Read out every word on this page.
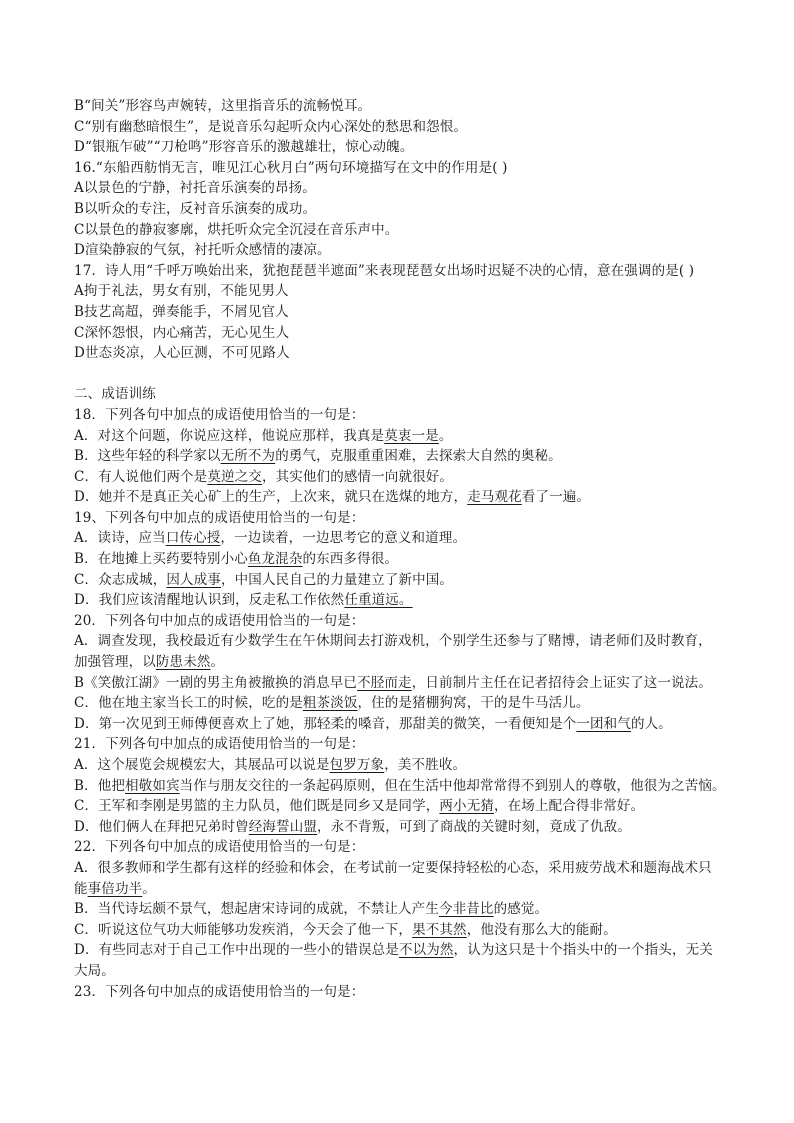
B“间关”形容鸟声婉转，这里指音乐的流畅悦耳。
C“别有幽愁暗恨生”，是说音乐勾起听众内心深处的愁思和怨恨。
D“银瓶乍破”“刀枪鸣”形容音乐的激越雄壮，惊心动魄。
16.“东船西舫悄无言，唯见江心秋月白”两句环境描写在文中的作用是( )
A以景色的宁静，衬托音乐演奏的昂扬。
B以听众的专注，反衬音乐演奏的成功。
C以景色的静寂寥廓，烘托听众完全沉浸在音乐声中。
D渲染静寂的气氛，衬托听众感情的凄凉。
17．诗人用“千呼万唤始出来，犹抱琵琶半遮面”来表现琵琶女出场时迟疑不决的心情，意在强调的是( )
A拘于礼法，男女有别，不能见男人
B技艺高超，弹奏能手，不屑见官人
C深怀怨恨，内心痛苦，无心见生人
D世态炎凉，人心叵测，不可见路人
二、成语训练
18．下列各句中加点的成语使用恰当的一句是：
A．对这个问题，你说应这样，他说应那样，我真是莫衷一是。
B．这些年轻的科学家以无所不为的勇气，克服重重困难，去探索大自然的奥秘。
C．有人说他们两个是莫逆之交，其实他们的感情一向就很好。
D．她并不是真正关心矿上的生产，上次来，就只在选煤的地方，走马观花看了一遍。
19、下列各句中加点的成语使用恰当的一句是：
A．读诗，应当口传心授，一边读着，一边思考它的意义和道理。
B．在地摊上买药要特别小心鱼龙混杂的东西多得很。
C．众志成城，因人成事，中国人民自己的力量建立了新中国。
D．我们应该清醒地认识到，反走私工作依然任重道远。
20．下列各句中加点的成语使用恰当的一句是：
A．调查发现，我校最近有少数学生在午休期间去打游戏机，个别学生还参与了赌博，请老师们及时教育，
加强管理，以防患未然。
B《笑傲江湖》一剧的男主角被撤换的消息早已不胫而走，日前制片主任在记者招待会上证实了这一说法。
C．他在地主家当长工的时候，吃的是粗茶淡饭，住的是猪棚狗窝，干的是牛马活儿。
D．第一次见到王师傅便喜欢上了她，那轻柔的嗓音，那甜美的微笑，一看便知是个一团和气的人。
21．下列各句中加点的成语使用恰当的一句是：
A．这个展览会规模宏大，其展品可以说是包罗万象，美不胜收。
B．他把相敬如宾当作与朋友交往的一条起码原则，但在生活中他却常常得不到别人的尊敬，他很为之苦恼。
C．王军和李刚是男篮的主力队员，他们既是同乡又是同学，两小无猜，在场上配合得非常好。
D．他们俩人在拜把兄弟时曾经海誓山盟，永不背叛，可到了商战的关键时刻，竟成了仇敌。
22．下列各句中加点的成语使用恰当的一句是：
A．很多教师和学生都有这样的经验和体会，在考试前一定要保持轻松的心态，采用疲劳战术和题海战术只
能事倍功半。
B．当代诗坛颇不景气，想起唐宋诗词的成就，不禁让人产生今非昔比的感觉。
C．听说这位气功大师能够功发疾消，今天会了他一下，果不其然，他没有那么大的能耐。
D．有些同志对于自己工作中出现的一些小的错误总是不以为然，认为这只是十个指头中的一个指头，无关
大局。
23．下列各句中加点的成语使用恰当的一句是：
